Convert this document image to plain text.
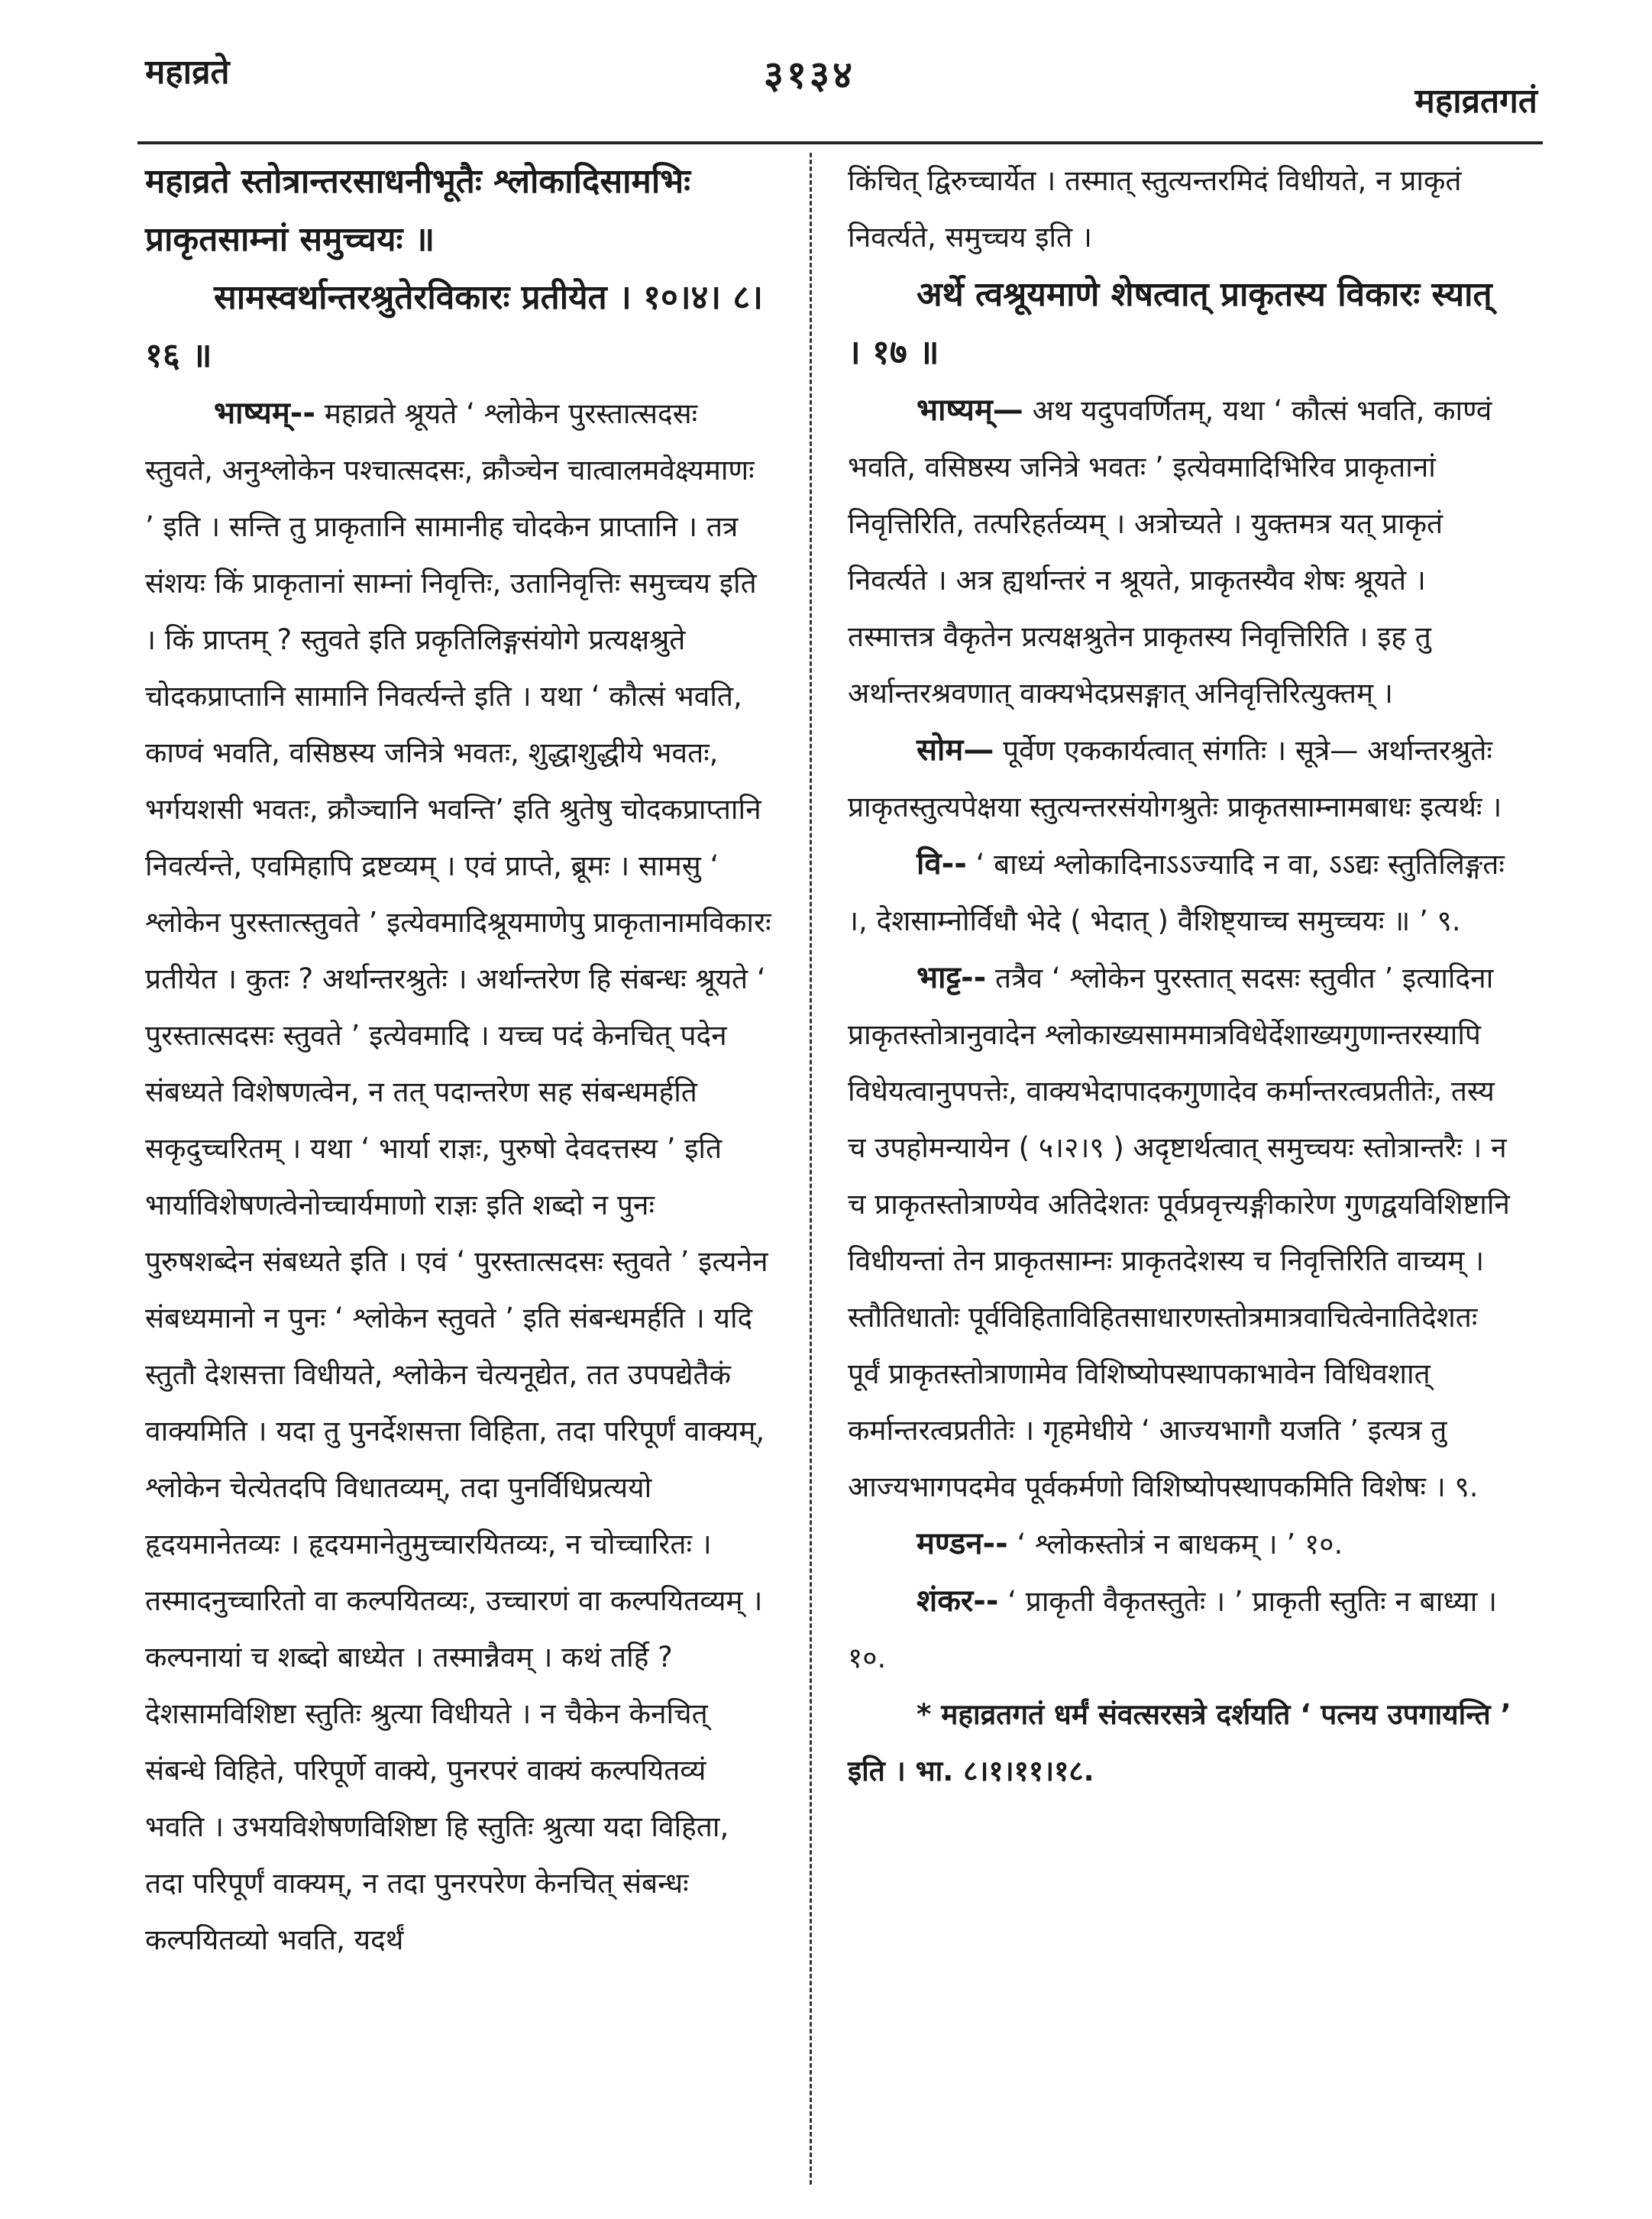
महाव्रते	३१३४
महाव्रतगतं

महाव्रते स्तोत्रान्तरसाधनीभूतैः श्लोकादिसामभिः प्राकृतसाम्नां समुच्चयः ॥

सामस्वर्थान्तरश्रुतेरविकारः प्रतीयेत । १०।४। ८।१६ ॥

भाष्यम्-- महाव्रते श्रूयते ‘ श्लोकेन पुरस्तात्सदसः स्तुवते, अनुश्लोकेन पश्चात्सदसः, क्रौञ्चेन चात्वालमवेक्ष्यमाणः ’ इति । सन्ति तु प्राकृतानि सामानीह चोदकेन प्राप्तानि । तत्र संशयः किं प्राकृतानां साम्नां निवृत्तिः, उतानिवृत्तिः समुच्चय इति । किं प्राप्तम् ? स्तुवते इति प्रकृतिलिङ्गसंयोगे प्रत्यक्षश्रुते चोदकप्राप्तानि सामानि निवर्त्यन्ते इति । यथा ‘ कौत्सं भवति, काण्वं भवति, वसिष्ठस्य जनित्रे भवतः, शुद्धाशुद्धीये भवतः, भर्गयशसी भवतः, क्रौञ्चानि भवन्ति’ इति श्रुतेषु चोदकप्राप्तानि निवर्त्यन्ते, एवमिहापि द्रष्टव्यम् । एवं प्राप्ते, ब्रूमः । सामसु ‘ श्लोकेन पुरस्तात्स्तुवते ’ इत्येवमादिश्रूयमाणेपु प्राकृतानामविकारः प्रतीयेत । कुतः ? अर्थान्तरश्रुतेः । अर्थान्तरेण हि संबन्धः श्रूयते ‘ पुरस्तात्सदसः स्तुवते ’ इत्येवमादि । यच्च पदं केनचित् पदेन संबध्यते विशेषणत्वेन, न तत् पदान्तरेण सह संबन्धमर्हति सकृदुच्चरितम् । यथा ‘ भार्या राज्ञः, पुरुषो देवदत्तस्य ’ इति भार्याविशेषणत्वेनोच्चार्यमाणो राज्ञः इति शब्दो न पुनः पुरुषशब्देन संबध्यते इति । एवं ‘ पुरस्तात्सदसः स्तुवते ’ इत्यनेन संबध्यमानो न पुनः ‘ श्लोकेन स्तुवते ’ इति संबन्धमर्हति । यदि स्तुतौ देशसत्ता विधीयते, श्लोकेन चेत्यनूद्येत, तत उपपद्येतैकं वाक्यमिति । यदा तु पुनर्देशसत्ता विहिता, तदा परिपूर्णं वाक्यम्, श्लोकेन चेत्येतदपि विधातव्यम्, तदा पुनर्विधिप्रत्ययो हृदयमानेतव्यः । हृदयमानेतुमुच्चारयितव्यः, न चोच्चारितः । तस्मादनुच्चारितो वा कल्पयितव्यः, उच्चारणं वा कल्पयितव्यम् । कल्पनायां च शब्दो बाध्येत । तस्मान्नैवम् । कथं तर्हि ? देशसामविशिष्टा स्तुतिः श्रुत्या विधीयते । न चैकेन केनचित् संबन्धे विहिते, परिपूर्णे वाक्ये, पुनरपरं वाक्यं कल्पयितव्यं भवति । उभयविशेषणविशिष्टा हि स्तुतिः श्रुत्या यदा विहिता, तदा परिपूर्णं वाक्यम्, न तदा पुनरपरेण केनचित् संबन्धः कल्पयितव्यो भवति, यदर्थं

किंचित् द्विरुच्चार्येत । तस्मात् स्तुत्यन्तरमिदं विधीयते, न प्राकृतं निवर्त्यते, समुच्चय इति ।

अर्थे त्वश्रूयमाणे शेषत्वात् प्राकृतस्य विकारः स्यात् । १७ ॥

भाष्यम्— अथ यदुपवर्णितम्, यथा ‘ कौत्सं भवति, काण्वं भवति, वसिष्ठस्य जनित्रे भवतः ’ इत्येवमादिभिरिव प्राकृतानां निवृत्तिरिति, तत्परिहर्तव्यम् । अत्रोच्यते । युक्तमत्र यत् प्राकृतं निवर्त्यते । अत्र ह्यर्थान्तरं न श्रूयते, प्राकृतस्यैव शेषः श्रूयते । तस्मात्तत्र वैकृतेन प्रत्यक्षश्रुतेन प्राकृतस्य निवृत्तिरिति । इह तु अर्थान्तरश्रवणात् वाक्यभेदप्रसङ्गात् अनिवृत्तिरित्युक्तम् ।

सोम— पूर्वेण एककार्यत्वात् संगतिः । सूत्रे— अर्थान्तरश्रुतेः प्राकृतस्तुत्यपेक्षया स्तुत्यन्तरसंयोगश्रुतेः प्राकृतसाम्नामबाधः इत्यर्थः ।

वि-- ‘ बाध्यं श्लोकादिनाऽऽज्यादि न वा, ऽऽद्यः स्तुतिलिङ्गतः ।, देशसाम्नोर्विधौ भेदे ( भेदात् ) वैशिष्ट्याच्च समुच्चयः ॥ ’ ९.

भाट्ट-- तत्रैव ‘ श्लोकेन पुरस्तात् सदसः स्तुवीत ’ इत्यादिना प्राकृतस्तोत्रानुवादेन श्लोकाख्यसाममात्रविधेर्देशाख्यगुणान्तरस्यापि विधेयत्वानुपपत्तेः, वाक्यभेदापादकगुणादेव कर्मान्तरत्वप्रतीतेः, तस्य च उपहोमन्यायेन ( ५।२।९ ) अदृष्टार्थत्वात् समुच्चयः स्तोत्रान्तरैः । न च प्राकृतस्तोत्राण्येव अतिदेशतः पूर्वप्रवृत्त्यङ्गीकारेण गुणद्वयविशिष्टानि विधीयन्तां तेन प्राकृतसाम्नः प्राकृतदेशस्य च निवृत्तिरिति वाच्यम् । स्तौतिधातोः पूर्वविहिताविहितसाधारणस्तोत्रमात्रवाचित्वेनातिदेशतः पूर्वं प्राकृतस्तोत्राणामेव विशिष्योपस्थापकाभावेन विधिवशात् कर्मान्तरत्वप्रतीतेः । गृहमेधीये ‘ आज्यभागौ यजति ’ इत्यत्र तु आज्यभागपदमेव पूर्वकर्मणो विशिष्योपस्थापकमिति विशेषः । ९.

मण्डन-- ‘ श्लोकस्तोत्रं न बाधकम् । ’ १०.

शंकर-- ‘ प्राकृती वैकृतस्तुतेः । ’ प्राकृती स्तुतिः न बाध्या । १०.

* महाव्रतगतं धर्मं संवत्सरसत्रे दर्शयति ‘ पत्नय उपगायन्ति ’ इति । भा. ८।१।११।१८.
